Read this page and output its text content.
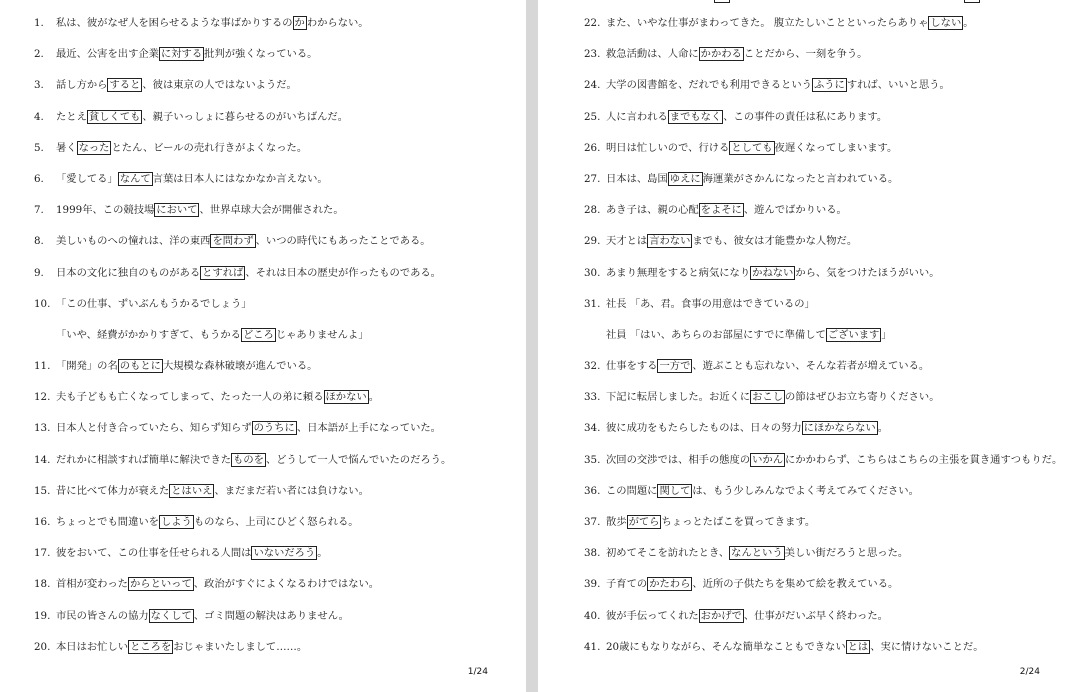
1. 私は、彼がなぜ人を困らせるような事ばかりするの か わからない。
2. 最近、公害を出す企業 に対する 批判が強くなっている。
3. 話し方から すると 、彼は東京の人ではないようだ。
4. たとえ 貧しくても 、親子いっしょに暮らせるのがいちばんだ。
5. 暑く なった とたん、ビールの売れ行きがよくなった。
6. 「愛してる」 なんて 言葉は日本人にはなかなか言えない。
7. 1999年、この競技場 において 、世界卓球大会が開催された。
8. 美しいものへの憧れは、洋の東西 を問わず 、いつの時代にもあったことである。
9. 日本の文化に独自のものがある とすれば 、それは日本の歴史が作ったものである。
10. 「この仕事、ずいぶんもうかるでしょう」
「いや、経費がかかりすぎて、もうかる どころ じゃありませんよ」
11. 「開発」の名 のもとに 大規模な森林破壊が進んでいる。
12. 夫も子どもも亡くなってしまって、たった一人の弟に頼る ほかない 。
13. 日本人と付き合っていたら、知らず知らず のうちに 、日本語が上手になっていた。
14. だれかに相談すれば簡単に解決できた ものを 、どうして一人で悩んでいたのだろう。
15. 昔に比べて体力が衰えた とはいえ 、まだまだ若い者には負けない。
16. ちょっとでも間違いを しよう ものなら、上司にひどく怒られる。
17. 彼をおいて、この仕事を任せられる人間は いないだろう 。
18. 首相が変わった からといって 、政治がすぐによくなるわけではない。
19. 市民の皆さんの協力 なくして 、ゴミ問題の解決はありません。
20. 本日はお忙しい ところを おじゃまいたしまして……。
1/24
22. また、いやな仕事がまわってきた。 腹立たしいことといったらありゃ しない 。
23. 救急活動は、人命に かかわる ことだから、一刻を争う。
24. 大学の図書館を、だれでも利用できるという ふうに すれば、いいと思う。
25. 人に言われる までもなく 、この事件の責任は私にあります。
26. 明日は忙しいので、行ける としても 夜遅くなってしまいます。
27. 日本は、島国 ゆえに 海運業がさかんになったと言われている。
28. あき子は、親の心配 をよそに 、遊んでばかりいる。
29. 天才とは 言わない までも、彼女は才能豊かな人物だ。
30. あまり無理をすると病気になり かねない から、気をつけたほうがいい。
31. 社長 「あ、君。食事の用意はできているの」
社員 「はい、あちらのお部屋にすでに準備して ございます 」
32. 仕事をする 一方で 、遊ぶことも忘れない、そんな若者が増えている。
33. 下記に転居しました。お近くに おこし の節はぜひお立ち寄りください。
34. 彼に成功をもたらしたものは、日々の努力 にほかならない 。
35. 次回の交渉では、相手の態度の いかん にかかわらず、こちらはこちらの主張を貫き通すつもりだ。
36. この問題に 関して は、もう少しみんなでよく考えてみてください。
37. 散歩 がてら ちょっとたばこを買ってきます。
38. 初めてそこを訪れたとき、 なんという 美しい街だろうと思った。
39. 子育ての かたわら 、近所の子供たちを集めて絵を教えている。
40. 彼が手伝ってくれた おかげで 、仕事がだいぶ早く終わった。
41. 20歳にもなりながら、そんな簡単なこともできない とは 、実に情けないことだ。
2/24
